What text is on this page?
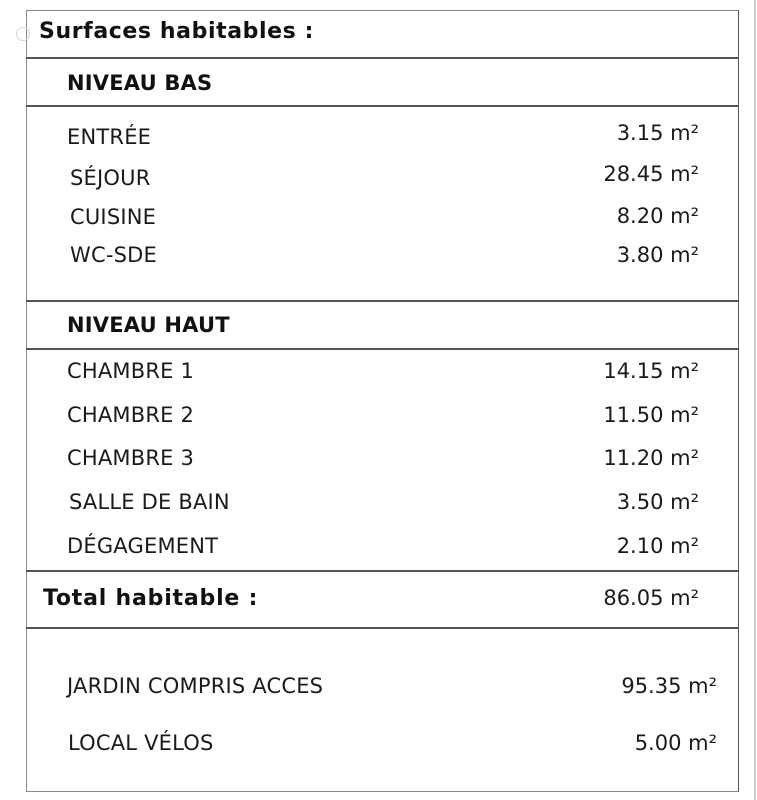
Surfaces habitables :
NIVEAU BAS
ENTRÉE	3.15 m²
SÉJOUR	28.45 m²
CUISINE	8.20 m²
WC-SDE	3.80 m²
NIVEAU HAUT
CHAMBRE 1	14.15 m²
CHAMBRE 2	11.50 m²
CHAMBRE 3	11.20 m²
SALLE DE BAIN	3.50 m²
DÉGAGEMENT	2.10 m²
Total habitable :	86.05 m²
JARDIN COMPRIS ACCES	95.35 m²
LOCAL VÉLOS	5.00 m²
